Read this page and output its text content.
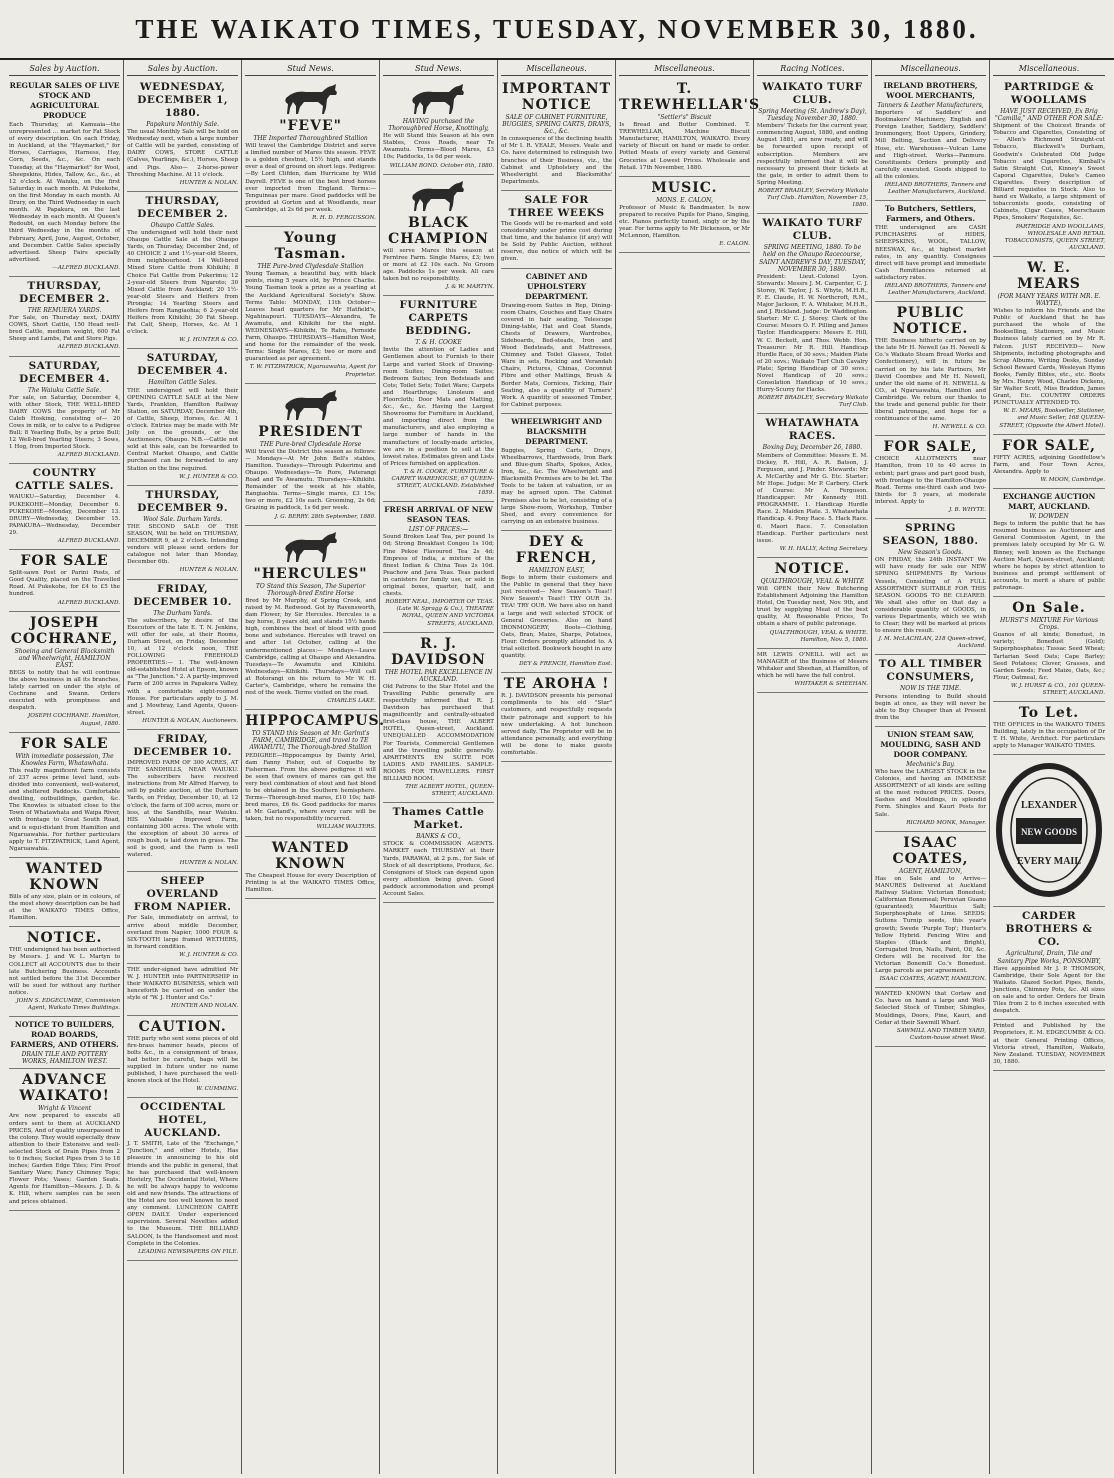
THE WAIKATO TIMES, TUESDAY, NOVEMBER 30, 1880.
Sales by Auction.
REGULAR SALES OF LIVE STOCK AND AGRICULTURAL PRODUCE
Each Thursday, at Kamuaia—the unrepresented ... market for Fat Stock of every description. On each Friday, in Auckland, at the "Haymarket," for Horses, Carriages, Harness, Hay, Corn, Seeds, &c., &c. On each Tuesday, at the "Haymarket" for Wool, Sheepskins, Hides, Tallow, &c., &c., at 12 o'clock. At Waiuku, on the first Saturday in each month. At Pukekohe, on the first Monday in each month. At Drury, on the Third Wednesday in each month. At Papakura, on the last Wednesday in each month. At Queen's Redoubt, on each Monday before the third Wednesday in the months of February, April, June, August, October, and December. Cattle Sales specially advertised. Sheep Fairs specially advertised.
—ALFRED BUCKLAND.
THURSDAY, DECEMBER 2.
THE REMUERA YARDS.
For Sale, on Thursday next, DAIRY COWS, Short Cattle, 150 Head well-bred Cattle, medium weight, 600 Fat Sheep and Lambs, Fat and Store Pigs.
ALFRED BUCKLAND.
SATURDAY, DECEMBER 4.
The Waiuku Cattle Sale.
For sale, on Saturday, December 4, with other Stock, THE WELL-BRED DAIRY COWS the property of Mr Caleb Hosking, consisting of— 20 Cows in milk, or to calve to a Pedigree Bull; 8 Yearling Bulls, by a prize Bull; 12 Well-bred Yearling Steers; 3 Sows, 1 Hog, from Imported Stock.
ALFRED BUCKLAND.
COUNTRY CATTLE SALES.
WAIUKU—Saturday, December 4. PUKEKOHE—Monday, December 6. PUKEKOHE—Monday, December 13. DRURY—Wednesday, December 15. PAPAKURA—Wednesday, December 29.
ALFRED BUCKLAND.
FOR SALE
Split-sawn Post or Parini Posts, of Good Quality, placed on the Travelled Road. At Pukekohe, for £4 to £5 the hundred.
ALFRED BUCKLAND.
JOSEPH COCHRANE,
Shoeing and General Blacksmith and Wheelwright, HAMILTON EAST.
BEGS to notify that he will continue the above business in all its branches, lately carried on under the style of Cochrane and Swann. Orders executed with promptness and despatch.
JOSEPH COCHRANE. Hamilton, August, 1880.
FOR SALE
With immediate possession, The Knowles Farm, Whatawhata.
This really magnificent farm consists of 237 acres prime level land, sub-divided into convenient, well-watered, and sheltered Paddocks. Comfortable dwelling, outbuildings, garden, &c. The Knowles is situated close to the Town of Whatawhata and Waipa River, with frontage to Great South Road, and is equi-distant from Hamilton and Ngaruawahia. For further particulars apply to T. FITZPATRICK, Land Agent, Ngaruawahia.
WANTED KNOWN
Bills of any size, plain or in colours, of the most showy description can be had at the WAIKATO TIMES Office, Hamilton.
NOTICE.
THE undersigned has been authorised by Messrs. J. and W. L. Martyn to COLLECT all ACCOUNTS due to their late Butchering Business. Accounts not settled before the 31st December will be sued for without any further notice.
JOHN S. EDGECUMBE, Commission Agent, Waikato Times Buildings.
NOTICE TO BUILDERS, ROAD BOARDS, FARMERS, AND OTHERS.
DRAIN TILE AND POTTERY WORKS, HAMILTON WEST.
ADVANCE WAIKATO!
Wright & Vincent
Are now prepared to execute all orders sent to them at AUCKLAND PRICES, And of quality unsurpassed in the colony. They would especially draw attention to their Extensive and well-selected Stock of Drain Pipes from 2 to 6 inches; Socket Pipes from 3 to 18 inches; Garden Edge Tiles; Fire Proof Sanitary Ware; Fancy Chimney Tops; Flower Pots; Vases; Garden Seats. Agents for Hamilton—Messrs. J. D. & K. Hill, where samples can be seen and prices obtained.
Sales by Auction.
WEDNESDAY, DECEMBER 1, 1880.
Papakura Monthly Sale.
The usual Monthly Sale will be held on Wednesday next, when a large number of Cattle will be yarded, consisting of DAIRY COWS, STORE CATTLE (Calves, Yearlings, &c.), Horses, Sheep and Pigs. Also— 2-horse-power Threshing Machine. At 11 o'clock.
HUNTER & NOLAN.
THURSDAY, DECEMBER 2.
Ohaupo Cattle Sales.
The undersigned will hold their next Ohaupo Cattle Sale at the Ohaupo Yards, on Thursday, December 2nd, of 40 CHOICE 2 and 1½-year-old Steers, from neighbourhood. 14 Well-bred Mixed Store Cattle from Kihikihi; 8 Choice Fat Cattle from Pukerimu; 12 2-year-old Steers from Ngaroto; 30 Mixed Cattle from Auckland; 20 1½-year-old Steers and Heifers from Pirongia; 14 Yearling Steers and Heifers from Rangiaohia; 6 2-year-old Heifers from Kihikihi; 30 Fat Sheep. Fat Calf, Sheep, Horses, &c. At 1 o'clock.
W. J. HUNTER & CO.
SATURDAY, DECEMBER 4.
Hamilton Cattle Sales.
THE undersigned will hold their OPENING CATTLE SALE at the New Yards, Frankton, Hamilton Railway Station, on SATURDAY, December 4th, of Cattle, Sheep, Horses, &c. At 1 o'clock. Entries may be made with Mr Jolly on the grounds, or the Auctioneers, Ohaupo. N.B.—Cattle not sold at this sale, can be forwarded to Central Market Ohaupo, and Cattle purchased can be forwarded to any Station on the line required.
W. J. HUNTER & CO.
THURSDAY, DECEMBER 9.
Wool Sale. Durham Yards.
THE SECOND SALE OF THE SEASON, Will be held on THURSDAY, DECEMBER 9, at 2 o'clock. Intending vendors will please send orders for catalogue not later than Monday, December 6th.
HUNTER & NOLAN.
FRIDAY, DECEMBER 10.
The Durham Yards.
The subscribers, by desire of the Executors of the late E. T. N. Jenkins, will offer for sale, at their Rooms, Durham Street, on Friday, December 10, at 12 o'clock noon, THE FOLLOWING FREEHOLD PROPERTIES:— 1. The well-known old-established Hotel at Epsom, known as "The Junction." 2. A partly-improved Farm of 200 acres in Papakura Valley, with a comfortable eight-roomed House. For particulars apply to J. M. and J. Mowbray, Land Agents, Queen-street.
HUNTER & NOLAN, Auctioneers.
FRIDAY, DECEMBER 10.
IMPROVED FARM OF 300 ACRES, AT THE SANDHILLS, NEAR WAIUKU. The subscribers have received instructions from Mr Alfred Harvey, to sell by public auction, at the Durham Yards, on Friday, December 10, at 12 o'clock, the farm of 300 acres, more or less, at the Sandhills, near Waiuku. HIS Valuable Improved Farm, containing 300 acres. The whole with the exception of about 30 acres of rough bush, is laid down in grass. The soil is good, and the Farm is well watered.
HUNTER & NOLAN.
SHEEP OVERLAND FROM NAPIER.
For Sale, immediately on arrival, to arrive about middle December, overland from Napier, 1000 FOUR & SIX-TOOTH large framed WETHERS, in forward condition.
W. J. HUNTER & CO.
THE under-signed have admitted Mr W. J. HUNTER into PARTNERSHIP in their WAIKATO BUSINESS, which will henceforth be carried on under the style of "W. J. Hunter and Co."
HUNTER AND NOLAN.
CAUTION.
THE party who sent some pieces of old fire-brass hammer heads, pieces of bolts &c., in a consignment of brass, had better be careful, bags will be supplied in future under no name published, I have purchased the well-known stock of the Hotel.
W. CUMMING.
OCCIDENTAL HOTEL, AUCKLAND.
J. T. SMITH, Late of the "Exchange," "Junction," and other Hotels, Has pleasure in announcing to his old friends and the public in general, that he has purchased that well-known Hostelry, The Occidental Hotel, Where he will be always happy to welcome old and new friends. The attractions of the Hotel are too well known to need any comment. LUNCHEON CARTE OPEN DAILY. Under experienced supervision. Several Novelties added to the Museum. THE BILLIARD SALOON, Is the Handsomest and most Complete in the Colonies.
LEADING NEWSPAPERS ON FILE.
Stud News.
"FEVE"
THE Imported Thoroughbred Stallion
Will travel the Cambridge District and serve a limited number of Mares this season. FEVE is a golden chestnut, 15½ high, and stands over a deal of ground on short legs. Pedigree:—By Lord Clifden, dam Hurricane by Wild Dayrell. FEVE is one of the best bred horses ever imported from England. Terms:—Tenguineas per mare. Good paddocks will be provided at Gorton and at Woodlands, near Cambridge, at 2s 6d per week.
R. H. D. FERGUSSON.
Young Tasman.
THE Pure-bred Clydesdale Stallion
Young Tasman, a beautiful bay, with black points, rising 5 years old, by Prince Charlie. Young Tasman took a prize as a yearling at the Auckland Agricultural Society's Show. Terms Table: MONDAY, 11th October—Leaves head quarters for Mr Hatfield's, Ngahinapouri. TUESDAYS—Alexandra, Te Awamutu, and Kihikihi for the night. WEDNESDAYS—Kihikihi, Te Rahu, Fernside Farm, Ohaupo. THURSDAYS—Hamilton West, and home for the remainder of the week. Terms: Single Mares, £3; two or more and guaranteed as per agreement.
T. W. FITZPATRICK, Ngaruawahia, Agent for Proprietor.
PRESIDENT
THE Pure-bred Clydesdale Horse
Will travel the District this season as follows:— Mondays—At Mr John Bell's stables, Hamilton. Tuesdays—Through Pukerimu and Ohaupo. Wednesdays—Te Rore, Paterangi Road and Te Awamutu. Thursdays—Kihikihi. Remainder of the week at his stable, Rangiaohia. Terms—Single mares, £3 15s; two or more, £2 10s each. Grooming, 2s 6d; Grazing in paddock, 1s 6d per week.
J. G. BERRY. 28th September, 1880.
"HERCULES"
TO Stand this Season, The Superior Thorough-bred Entire Horse
Bred by Mr Murphy, of Spring Creek, and raised by M. Redwood. Got by Ravensworth, dam Flower, by Sir Hercules. Hercules is a bay horse, 8 years old, and stands 15½ hands high, combines the best of blood with good bone and substance. Hercules will travel on and after 1st October, calling at the undermentioned places:— Mondays—Leave Cambridge, calling at Ohaupo and Alexandra. Tuesdays—Te Awamutu and Kihikihi. Wednesdays—Kihikihi. Thursdays—Will call at Rotorangi on his return to Mr W. H. Carter's, Cambridge, where he remains the rest of the week. Terms visited on the road.
CHARLES LAKE.
HIPPOCAMPUS.
TO STAND this Season at Mr. Garlmt's FARM, CAMBRIDGE, and travel to TE AWAMUTU, The Thorough-bred Stallion
PEDIGREE—Hippocampus by Dainty Ariel, dam Fanny Fisher, out of Coquette by Fisherman. From the above pedigree it will be seen that owners of mares can get the very best combination of stout and fast blood to be obtained in the Southern hemisphere. Terms—Thorough-bred mares, £10 10s; half-bred mares, £6 6s. Good paddocks for mares at Mr. Garland's, where every care will be taken, but no responsibility incurred.
WILLIAM WALTERS.
WANTED KNOWN
The Cheapest House for every Description of Printing is at the WAIKATO TIMES Office, Hamilton.
Stud News.
HAVING purchased the Thoroughbred Horse, Knottingly,
He will Stand this Season at his own Stables, Cross Roads, near Te Awamutu. Terms—Blood Mares, £3 10s; Paddocks, 1s 6d per week.
WILLIAM BOND. October 6th, 1880.
BLACK CHAMPION
will serve Mares this season at Ferntree Farm. Single Mares, £3; two or more at £2 10s each. No Groom age. Paddocks 1s per week. All care taken but no responsibility.
J. & W. MARTYN.
FURNITURE CARPETS BEDDING.
T. & H. COOKE
Invite the attention of Ladies and Gentlemen about to Furnish to their Large and varied Stock of Drawing-room Suites; Dining-room Suites; Bedroom Suites; Iron Bedsteads and Cots; Toilet Sets; Toilet Ware; Carpets and Hearthrugs; Linoleum and Floorcloth; Door Mats and Matting, &c., &c., &c. Having the Largest Showrooms for Furniture in Auckland, and importing direct from the manufacturers, and also employing a large number of hands in the manufacture of locally-made articles, we are in a position to sell at the lowest rates. Estimates given and Lists of Prices furnished on application.
T. & H. COOKE, FURNITURE & CARPET WAREHOUSE, 67 QUEEN-STREET, AUCKLAND. Established 1859.
FRESH ARRIVAL OF NEW SEASON TEAS.
LIST OF PRICES:—
Sound Broken Leaf Tea, per pound 1s 0d; Strong Breakfast Congou 1s 10d; Fine Pekoe Flavoured Tea 2s 4d; Empress of India, a mixture of the finest Indian & China Teas 2s 10d. Peachow and Java Teas. Teas packed in canisters for family use, or sold in original boxes, quarter, half, and chests.
ROBERT NEAL, IMPORTER OF TEAS. (Late W. Spragg & Co.), THEATRE ROYAL, QUEEN AND VICTORIA STREETS, AUCKLAND.
R. J. DAVIDSON
THE HOTEL PAR EXCELLENCE IN AUCKLAND.
Old Patrons to the Star Hotel and the Travelling Public generally are respectfully informed that R. J. Davidson has purchased that magnificently and centrally-situated first-class house, THE ALBERT HOTEL, Queen-street, Auckland. UNEQUALLED ACCOMMODATION For Tourists, Commercial Gentlemen and the travelling public generally. APARTMENTS EN SUITE FOR LADIES AND FAMILIES. SAMPLE-ROOMS FOR TRAVELLERS. FIRST BILLIARD ROOM.
THE ALBERT HOTEL, QUEEN-STREET, AUCKLAND.
Thames Cattle Market.
BANKS & CO.,
STOCK & COMMISSION AGENTS. MARKET each THURSDAY at their Yards, PARAWAI, at 2 p.m., for Sale of Stock of all descriptions, Produce, &c. Consignors of Stock can depend upon every attention being given. Good paddock accommodation and prompt Account Sales.
Miscellaneous.
IMPORTANT NOTICE
SALE OF CABINET FURNITURE, BUGGIES, SPRING CARTS, DRAYS, &c., &c.
In consequence of the declining health of Mr I. R. VEALE, Messrs. Veale and Co. have determined to relinquish two branches of their Business, viz., the Cabinet and Upholstery and the Wheelwright and Blacksmiths' Departments.
SALE FOR THREE WEEKS
The Goods will be re-marked and sold considerably under prime cost during that time, and the balance (if any) will be Sold by Public Auction, without reserve, due notice of which will be given.
CABINET AND UPHOLSTERY DEPARTMENT.
Drawing-room Suites in Rep, Dining-room Chairs, Couches and Easy Chairs covered in hair seating, Telescope Dining-table, Hat and Coat Stands, Chests of Drawers, Wardrobes, Sideboards, Bed-steads, Iron and Wood Bedsteads, and Mattresses, Chimney and Toilet Glasses, Toilet Ware in sets, Rocking and Verandah Chairs, Pictures, Chinas, Coconnut Fibre and other Mattings, Brush & Border Mats, Cornices, Ticking, Hair Seating, also a quantity of Turners' Work. A quantity of seasoned Timber, for Cabinet purposes.
WHEELWRIGHT AND BLACKSMITH DEPARTMENT.
Buggies, Spring Carts, Drays, Wheelbarrows, Hardwoods, Iron Bark and Blue-gum Shafts, Spokes, Axles, Iron, &c., &c. The Wheelwright and Blacksmith Premises are to be let. The Tools to be taken at valuation, or as may be agreed upon. The Cabinet Premises also to be let, consisting of a large Show-room, Workshop, Timber Shed, and every convenience for carrying on an extensive business.
DEY & FRENCH,
HAMILTON EAST,
Begs to inform their customers and the Public in general that they have just received— New Season's Teas!! New Season's Teas!! TRY OUR 3s. TEA! TRY OUR. We have also on hand a large and well selected STOCK of General Groceries. Also on hand IRONMONGERY, Boots—Clothing, Oats, Bran, Maize, Sharps, Potatoes, Flour. Orders promptly attended to. A trial solicited. Bookwork bought in any quantity.
DEY & FRENCH, Hamilton East.
TE AROHA !
R. J. DAVIDSON presents his personal compliments to his old "Star" customers, and respectfully requests their patronage and support to his new undertaking. A hot luncheon served daily. The Proprietor will be in attendance personally, and everything will be done to make guests comfortable.
Miscellaneous.
T. TREWHELLAR'S
"Settler's" Biscuit
Is Bread and Butter Combined. T. TREWHELLAR, Machine Biscuit Manufacturer, HAMILTON, WAIKATO. Every variety of Biscuit on hand or made to order. Potted Meats of every variety and General Groceries at Lowest Prices. Wholesale and Retail. 17th November, 1880.
MUSIC.
MONS. E. CALON,
Professor of Music & Bandmaster. Is now prepared to receive Pupils for Piano, Singing, etc. Pianos perfectly tuned, singly or by the year. For terms apply to Mr Dickenson, or Mr McLennon, Hamilton.
E. CALON.
Racing Notices.
WAIKATO TURF CLUB.
Spring Meeting (St. Andrew's Day), Tuesday, November 30, 1880.
Members' Tickets for the current year, commencing August, 1880, and ending August 1881, are now ready, and will be forwarded upon receipt of subscription. Members are respectfully informed that it will be necessary to present their tickets at the gate, in order to admit them to Spring Meeting.
ROBERT BRADLEY, Secretary Waikato Turf Club. Hamilton, November 15, 1880.
WAIKATO TURF CLUB.
SPRING MEETING, 1880. To be held on the Ohaupo Racecourse, SAINT ANDREW'S DAY, TUESDAY, NOVEMBER 30, 1880.
President: Lieut.-Colonel Lyon. Stewards: Messrs J. M. Carpenter, C. J. Storey, W. Taylor, J. S. Whyte, M.H.R., F. E. Claude, H. W. Northcroft, R.M., Major Jackson, F. A. Whitaker, M.H.R., and J. Rickland. Judge: Dr Waddington. Starter: Mr C. J. Storey. Clerk of the Course: Messrs O. F. Pilling and James Taylor. Handicappers: Messrs E. Hill, W. C. Beckett, and Thos. Webb. Hon. Treasurer: Mr R. Hill. Handicap Hurdle Race, of 30 sovs.; Maiden Plate of 20 sovs.; Waikato Turf Club Cavalry Plate; Spring Handicap of 30 sovs.; Novel Handicap of 20 sovs.; Consolation Handicap of 10 sovs.; Hurry-Scurry for Hacks.
ROBERT BRADLEY, Secretary Waikato Turf Club.
WHATAWHATA RACES.
Boxing Day, December 26, 1880.
Members of Committee: Messrs E. M. Dickey, R. Hill, A. R. Batson, J. Ferguson, and J. Pinder. Stewards: Mr A. McCarthy and Mr G. Etc. Starter: Mr Hope. Judge: Mr P. Carbery. Clerk of Course: Mr A. Ferguson. Handicapper: Mr Kennedy Hill. PROGRAMME. 1. Handicap Hurdle Race. 2. Maiden Plate. 3. Whatawhata Handicap. 4. Pony Race. 5. Hack Race. 6. Maori Race. 7. Consolation Handicap. Further particulars next issue.
W. H. HALLY, Acting Secretary.
NOTICE.
QUALTHROUGH, VEAL & WHITE
Will OPEN their New Butchering Establishment Adjoining the Hamilton Hotel, On Tuesday next, Nov. 9th, and trust by supplying Meat of the best quality, At Reasonable Prices, To obtain a share of public patronage.
QUALTHROUGH, VEAL & WHITE. Hamilton, Nov. 5, 1880.
MR LEWIS O'NEILL will act as MANAGER of the Business of Messrs Whitaker and Sheehan, at Hamilton, of which he will have the full control.
WHITAKER & SHEEHAN.
Miscellaneous.
IRELAND BROTHERS, WOOL MERCHANTS,
Tanners & Leather Manufacturers,
Importers of Saddlers' and Bootmakers' Machinery, English and Foreign Leather, Saddlery, Saddlers' Ironmongery, Boot Uppers, Grindery, Mill Belting, Suction and Delivery Hose, etc. Warehouses—Vulcan Lane and High-street. Works—Panmure. Constituents Orders promptly and carefully executed. Goods shipped to all the colonies.
IRELAND BROTHERS, Tanners and Leather Manufacturers, Auckland.
To Butchers, Settlers, Farmers, and Others.
THE undersigned are CASH PURCHASERS of HIDES, SHEEPSKINS, WOOL, TALLOW, BEESWAX, &c., at highest market rates, in any quantity. Consignees direct will have prompt and immediate Cash Remittances returned at satisfactory rates.
IRELAND BROTHERS, Tanners and Leather Manufacturers, Auckland.
PUBLIC NOTICE.
THE Business hitherto carried on by the late Mr H. Newell (as H. Newell & Co.'s Waikato Steam Bread Works and Confectionery), will in future be carried on by his late Partners, Mr David Coombes and Mr H. Newell, under the old name of H. NEWELL & CO., at Ngaruawahia, Hamilton and Cambridge. We return our thanks to the trade and general public for their liberal patronage, and hope for a continuance of the same.
H. NEWELL & CO.
FOR SALE,
CHOICE ALLOTMENTS near Hamilton, from 10 to 40 acres in extent; part grass and part good bush, with frontage to the Hamilton-Ohaupo Road. Terms one-third cash and two-thirds for 5 years, at moderate interest. Apply to
J. B. WHYTE.
SPRING SEASON, 1880.
New Season's Goods.
ON FRIDAY, the 24th INSTANT We will have ready for sale our NEW SPRING SHIPMENTS By Various Vessels, Consisting of A FULL ASSORTMENT SUITABLE FOR THIS SEASON. GOODS TO BE CLEARED. We shall also offer on that day a considerable quantity of GOODS, in various Departments, which we wish to Clear; they will be marked at prices to ensure this result.
J. M. McLACHLAN, 218 Queen-street, Auckland.
TO ALL TIMBER CONSUMERS,
NOW IS THE TIME.
Persons intending to Build should begin at once, as they will never be able to Buy Cheaper than at Present from the
UNION STEAM SAW, MOULDING, SASH AND DOOR COMPANY.
Mechanic's Bay.
Who have the LARGEST STOCK in the Colonies, and having an IMMENSE ASSORTMENT of all kinds are selling at the most reduced PRICES. Doors, Sashes and Mouldings, in splendid Form. Shingles and Kauri Posts for Sale.
RICHARD MONK, Manager.
ISAAC COATES,
AGENT, HAMILTON,
Has on Sale and to Arrive— MANURES Delivered at Auckland Railway Station: Victorian Bonedust; Californian Bonemeal; Peruvian Guano (guaranteed); Mauritius Salt; Superphosphate of Lime. SEEDS: Suttons Turnip seeds, this year's growth; Swede 'Purple Top'; Hunter's Yellow Hybrid. Fencing Wire and Staples (Black and Bright), Corrugated Iron, Nails, Paint, Oil, &c. Orders will be received for the Victorian Bonemill Co.'s Bonedust. Large parcels as per agreement.
ISAAC COATES, AGENT, HAMILTON.
WANTED KNOWN that Corlaw and Co. have on hand a large and Well-Selected Stock of Timber, Shingles, Mouldings, Doors, Pine, Kauri, and Cedar at their Sawmill Wharf.
SAWMILL AND TIMBER YARD, Custom-house street West.
Miscellaneous.
PARTRIDGE & WOOLLAMS
HAVE JUST RECEIVED, Ex Brig "Camilla," AND OTHER FOR SALE:
Shipment of the Choicest Brands of Tobacco and Cigarettes, Consisting of— Allen's Richmond Straight-cut Tobacco, Blackwell's Durham, Goodwin's Celebrated Old Judge Tobacco and Cigarettes, Kimball's Satin Straight Cut, Kinney's Sweet Caporal Cigarettes, Duke's Cameo Cigarettes. Every description of Billiard requisites in Stock. Also to hand ex Waikato, a large shipment of tobacconists goods, consisting of Cabinets, Cigar Cases, Meerschaum Pipes, Smokers' Requisites, &c.
PARTRIDGE AND WOOLLAMS, WHOLESALE AND RETAIL TOBACCONISTS, QUEEN STREET, AUCKLAND.
W. E. MEARS
(FOR MANY YEARS WITH MR. E. WAYTE),
Wishes to inform his Friends and the Public of Auckland that he has purchased the whole of the Bookselling, Stationery, and Music Business lately carried on by Mr R. Falcon. JUST RECEIVED— New Shipments, including photographs and Scrap Albums, Writing Desks, Sunday School Reward Cards, Wesleyan Hymn Books, Family Bibles, etc., etc. Boots by Mrs. Henry Wood, Charles Dickens, Sir Walter Scott, Miss Braddon, James Grant, Etc. COUNTRY ORDERS PUNCTUALLY ATTENDED TO.
W. E. MEARS, Bookseller, Stationer, and Music Seller, 168 QUEEN-STREET, (Opposite the Albert Hotel).
FOR SALE,
FIFTY ACRES, adjoining Goodfellow's Farm, and Four Town Acres, Alexandra. Apply to
W. MOON, Cambridge.
EXCHANGE AUCTION MART, AUCKLAND.
W. DOWDEN
Begs to inform the public that he has resumed business as Auctioneer and General Commission Agent, in the premises lately occupied by Mr G. W. Binney, well known as the Exchange Auction Mart, Queen-street, Auckland; where he hopes by strict attention to business and prompt settlement of accounts, to merit a share of public patronage.
On Sale.
HURST'S MIXTURE For Various Crops.
Guanos of all kinds; Bonedust, in variety; Bonedust (Gold); Superphosphates; Tussac Seed Wheat; Tartarian Seed Oats; Cape Barley; Seed Potatoes; Clover, Grasses, and Garden Seeds; Feed Maize, Oats, &c.; Flour, Oatmeal, &c.
W. J. HURST & CO., 101 QUEEN-STREET, AUCKLAND.
To Let.
THE OFFICES in the WAIKATO TIMES Building, lately in the occupation of Dr T. H. White, Architect. For particulars apply to Manager WAIKATO TIMES.
LEXANDER
NEW GOODS
EVERY MAIL
CARDER BROTHERS & CO.
Agricultural, Drain, Tile and Sanitary Pipe Works, PONSONBY,
Have appointed Mr J. P. THOMSON, Cambridge, their Sole Agent for the Waikato. Glazed Socket Pipes, Bends, Junctions, Chimney Pots, &c. All sizes on sale and to order. Orders for Drain Tiles from 2 to 6 inches executed with despatch.
Printed and Published by the Proprietors, E. M. EDGECUMBE & CO. at their General Printing Offices, Victoria street, Hamilton, Waikato, New Zealand. TUESDAY, NOVEMBER 30, 1880.
